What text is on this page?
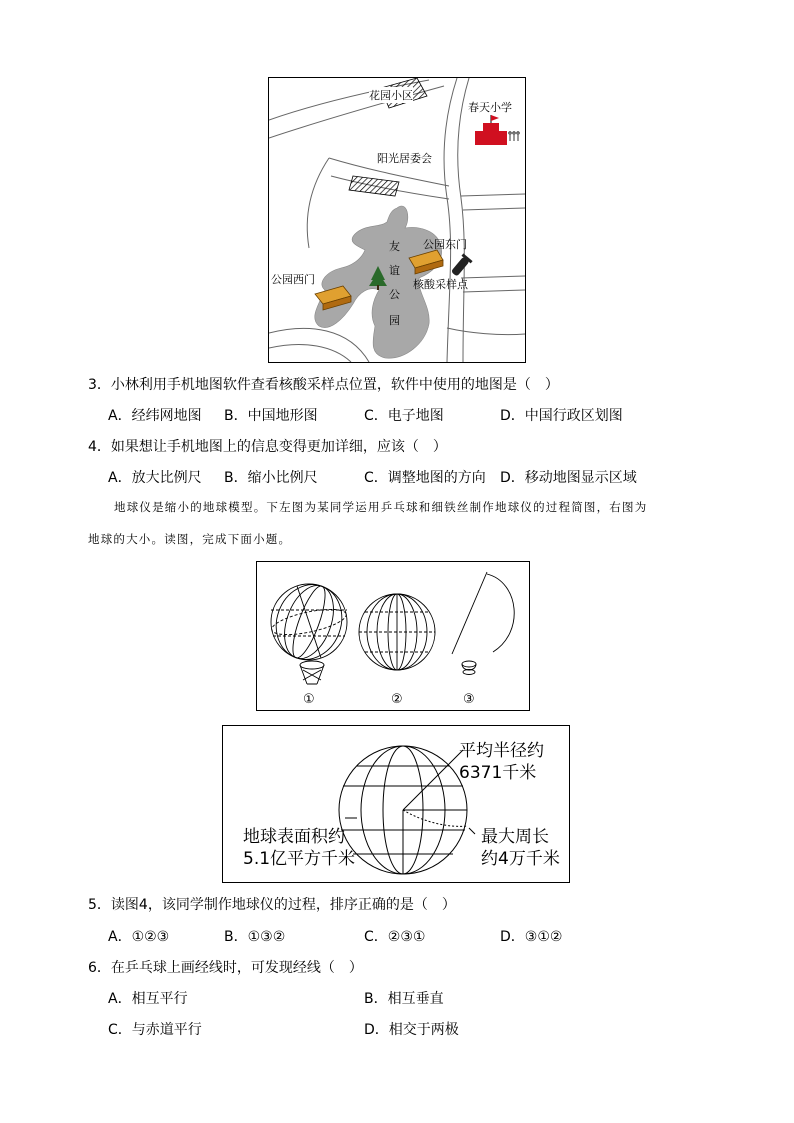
花园小区
春天小学
阳光居委会
友
谊
公
园
公园东门
公园西门	核酸采样点
3．小林利用手机地图软件查看核酸采样点位置，软件中使用的地图是（　）
A．经纬网地图 B．中国地形图	C．电子地图	D．中国行政区划图
4．如果想让手机地图上的信息变得更加详细，应该（　）
A．放大比例尺 B．缩小比例尺	C．调整地图的方向 D．移动地图显示区域
地球仪是缩小的地球模型。下左图为某同学运用乒乓球和细铁丝制作地球仪的过程简图，右图为
地球的大小。读图，完成下面小题。
①	②	③
平均半径约
6371千米
地球表面积约
5.1亿平方千米
最大周长
约4万千米
5．读图4，该同学制作地球仪的过程，排序正确的是（　）
A．①②③	B．①③②	C．②③①	D．③①②
6．在乒乓球上画经线时，可发现经线（　）
A．相互平行	B．相互垂直
C．与赤道平行	D．相交于两极
